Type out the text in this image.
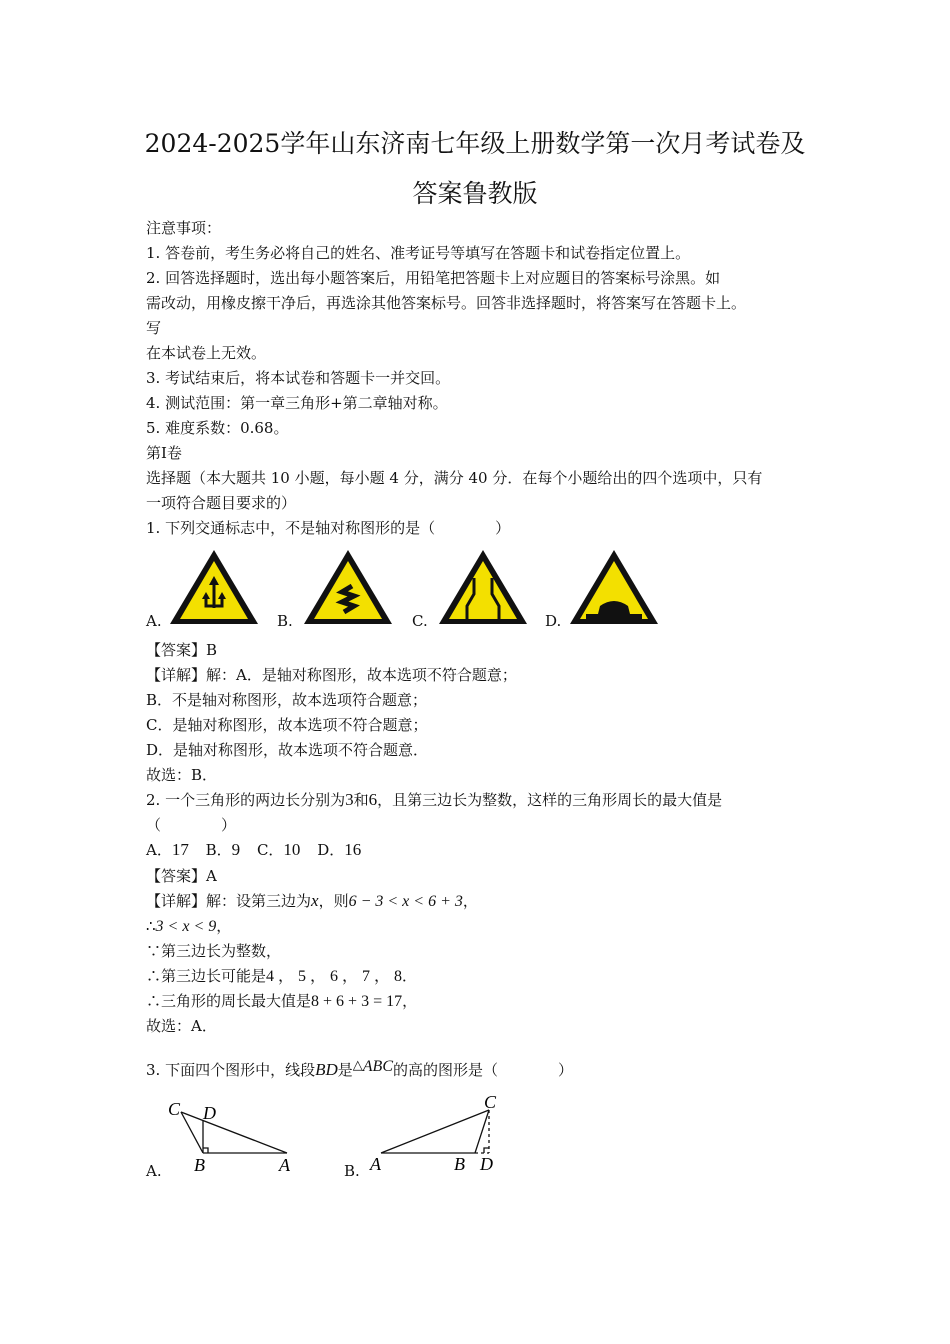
2024-2025学年山东济南七年级上册数学第一次月考试卷及
答案鲁教版
注意事项：
1. 答卷前，考生务必将自己的姓名、准考证号等填写在答题卡和试卷指定位置上。
2. 回答选择题时，选出每小题答案后，用铅笔把答题卡上对应题目的答案标号涂黑。如
需改动，用橡皮擦干净后，再选涂其他答案标号。回答非选择题时，将答案写在答题卡上。
写
在本试卷上无效。
3. 考试结束后，将本试卷和答题卡一并交回。
4. 测试范围：第一章三角形+第二章轴对称。
5. 难度系数：0.68。
第Ⅰ卷
选择题（本大题共 10 小题，每小题 4 分，满分 40 分．在每个小题给出的四个选项中，只有
一项符合题目要求的）
1. 下列交通标志中，不是轴对称图形的是（　　　　）
A.	B.	C.	D.
【答案】B
【详解】解：A．是轴对称图形，故本选项不符合题意；
B．不是轴对称图形，故本选项符合题意；
C．是轴对称图形，故本选项不符合题意；
D．是轴对称图形，故本选项不符合题意．
故选：B．
2. 一个三角形的两边长分别为3和6，且第三边长为整数，这样的三角形周长的最大值是
（　　　　）
A．17 B．9 C．10 D．16
【答案】A
【详解】解：设第三边为x，则6 − 3 < x < 6 + 3，
∴3 < x < 9，
∵第三边长为整数，
∴第三边长可能是4 ， 5 ， 6 ， 7 ， 8．
∴三角形的周长最大值是8 + 6 + 3 = 17，
故选：A．
3. 下面四个图形中，线段BD是△ABC的高的图形是（　　　　）
A.
C D
B	A	B.
C
A	B D
